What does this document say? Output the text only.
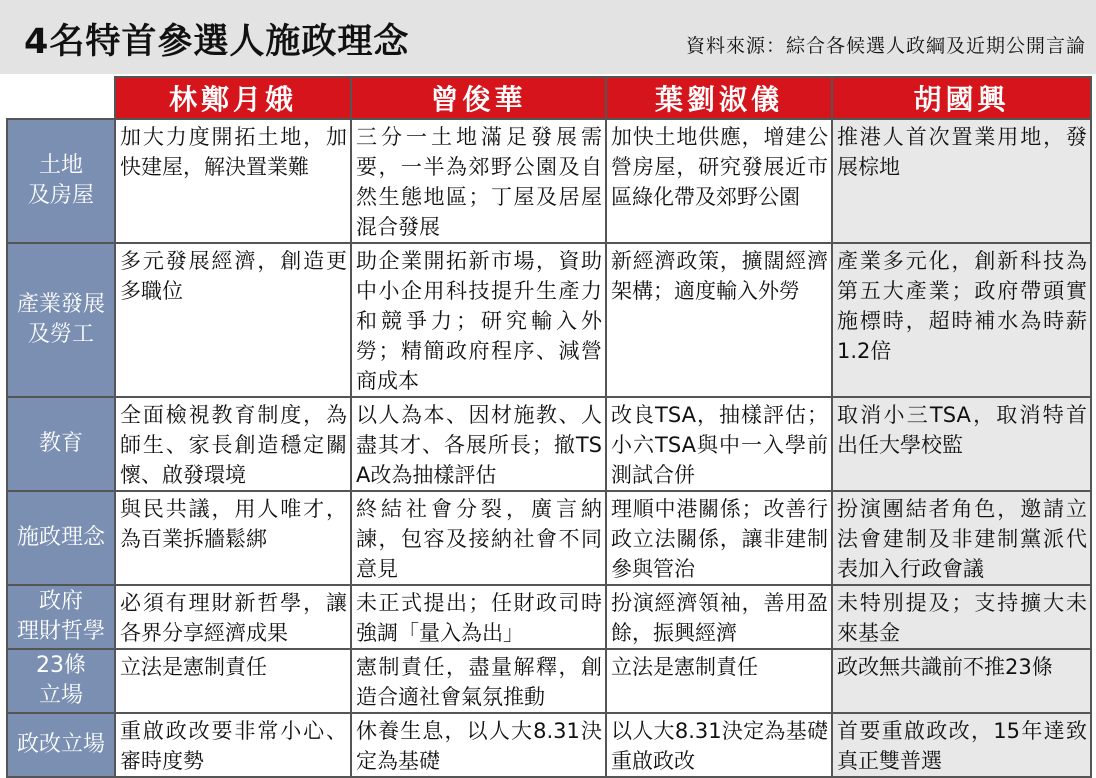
4名特首參選人施政理念	資料來源：綜合各候選人政綱及近期公開言論
	林鄭月娥	曾俊華	葉劉淑儀	胡國興
土地
及房屋	加大力度開拓土地，加快建屋，解決置業難	三分一土地滿足發展需要，一半為郊野公園及自然生態地區；丁屋及居屋混合發展	加快土地供應，增建公營房屋，研究發展近市區綠化帶及郊野公園	推港人首次置業用地，發展棕地
產業發展
及勞工	多元發展經濟，創造更多職位	助企業開拓新市場，資助中小企用科技提升生產力和競爭力；研究輸入外勞；精簡政府程序、減營商成本	新經濟政策，擴闊經濟架構；適度輸入外勞	產業多元化，創新科技為第五大產業；政府帶頭實施標時，超時補水為時薪1.2倍
教育	全面檢視教育制度，為師生、家長創造穩定關懷、啟發環境	以人為本、因材施教、人盡其才、各展所長；撤TSA改為抽樣評估	改良TSA，抽樣評估；小六TSA與中一入學前測試合併	取消小三TSA，取消特首出任大學校監
施政理念	與民共議，用人唯才，為百業拆牆鬆綁	終結社會分裂，廣言納諫，包容及接納社會不同意見	理順中港關係；改善行政立法關係，讓非建制參與管治	扮演團結者角色，邀請立法會建制及非建制黨派代表加入行政會議
政府
理財哲學	必須有理財新哲學，讓各界分享經濟成果	未正式提出；任財政司時強調「量入為出」	扮演經濟領袖，善用盈餘，振興經濟	未特別提及；支持擴大未來基金
23條
立場	立法是憲制責任	憲制責任，盡量解釋，創造合適社會氣氛推動	立法是憲制責任	政改無共識前不推23條
政改立場	重啟政改要非常小心、審時度勢	休養生息，以人大8.31決定為基礎	以人大8.31決定為基礎重啟政改	首要重啟政改，15年達致真正雙普選
